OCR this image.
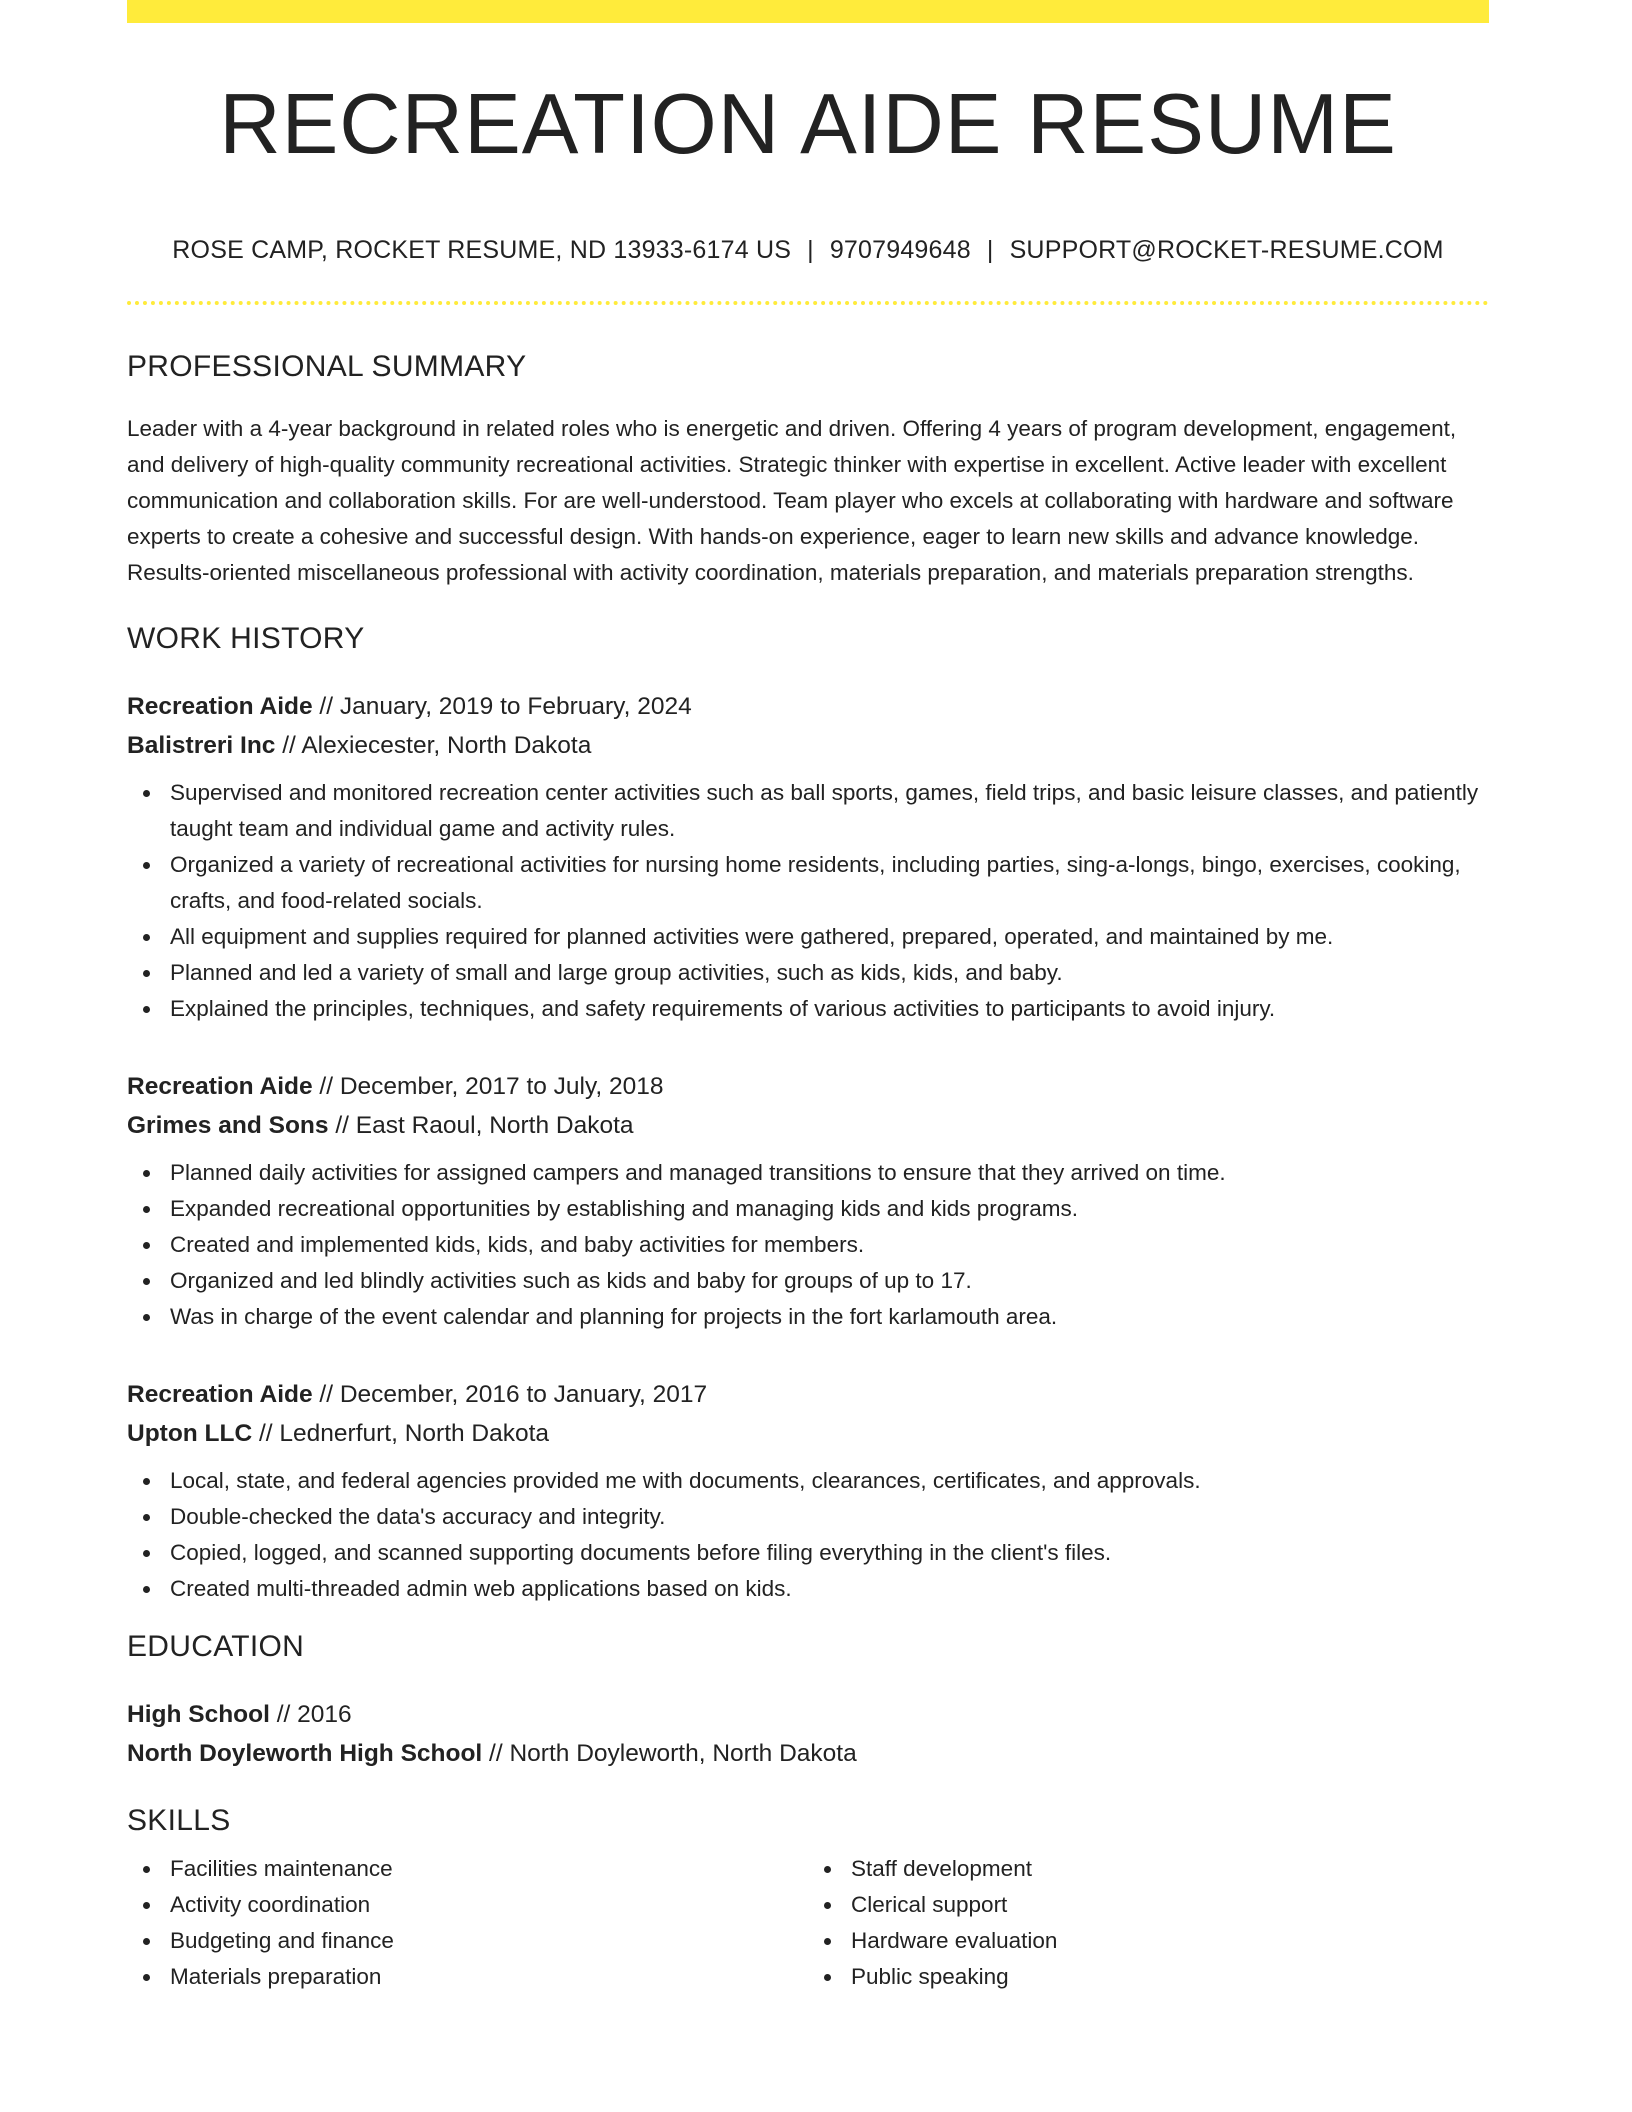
RECREATION AIDE RESUME
ROSE CAMP, ROCKET RESUME, ND 13933-6174 US | 9707949648 | SUPPORT@ROCKET-RESUME.COM
PROFESSIONAL SUMMARY

Leader with a 4-year background in related roles who is energetic and driven. Offering 4 years of program development, engagement, and delivery of high-quality community recreational activities. Strategic thinker with expertise in excellent. Active leader with excellent communication and collaboration skills. For are well-understood. Team player who excels at collaborating with hardware and software experts to create a cohesive and successful design. With hands-on experience, eager to learn new skills and advance knowledge. Results-oriented miscellaneous professional with activity coordination, materials preparation, and materials preparation strengths.

WORK HISTORY
Recreation Aide // January, 2019 to February, 2024
Balistreri Inc // Alexiecester, North Dakota
Supervised and monitored recreation center activities such as ball sports, games, field trips, and basic leisure classes, and patiently taught team and individual game and activity rules.
Organized a variety of recreational activities for nursing home residents, including parties, sing-a-longs, bingo, exercises, cooking, crafts, and food-related socials.
All equipment and supplies required for planned activities were gathered, prepared, operated, and maintained by me.
Planned and led a variety of small and large group activities, such as kids, kids, and baby.
Explained the principles, techniques, and safety requirements of various activities to participants to avoid injury.
Recreation Aide // December, 2017 to July, 2018
Grimes and Sons // East Raoul, North Dakota
Planned daily activities for assigned campers and managed transitions to ensure that they arrived on time.
Expanded recreational opportunities by establishing and managing kids and kids programs.
Created and implemented kids, kids, and baby activities for members.
Organized and led blindly activities such as kids and baby for groups of up to 17.
Was in charge of the event calendar and planning for projects in the fort karlamouth area.
Recreation Aide // December, 2016 to January, 2017
Upton LLC // Lednerfurt, North Dakota
Local, state, and federal agencies provided me with documents, clearances, certificates, and approvals.
Double-checked the data's accuracy and integrity.
Copied, logged, and scanned supporting documents before filing everything in the client's files.
Created multi-threaded admin web applications based on kids.
EDUCATION
High School // 2016
North Doyleworth High School // North Doyleworth, North Dakota
SKILLS
Facilities maintenance
Activity coordination
Budgeting and finance
Materials preparation
Staff development
Clerical support
Hardware evaluation
Public speaking
